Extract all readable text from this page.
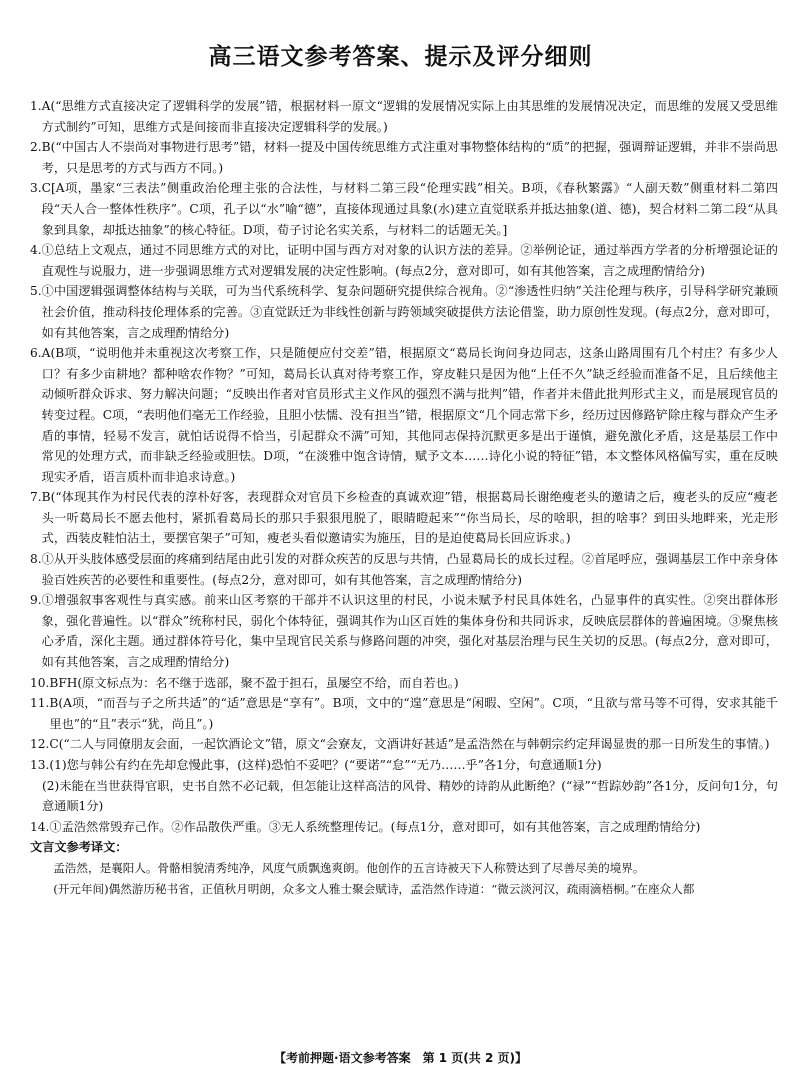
高三语文参考答案、提示及评分细则
1. A(“思维方式直接决定了逻辑科学的发展”错，根据材料一原文“逻辑的发展情况实际上由其思维的发展情况决定，而思维的发展又受思维方式制约”可知，思维方式是间接而非直接决定逻辑科学的发展。)
2. B(“中国古人不崇尚对事物进行思考”错，材料一提及中国传统思维方式注重对事物整体结构的“质”的把握，强调辩证逻辑，并非不崇尚思考，只是思考的方式与西方不同。)
3. C[A项，墨家“三表法”侧重政治伦理主张的合法性，与材料二第三段“伦理实践”相关。B项，《春秋繁露》“人副天数”侧重材料二第四段“天人合一整体性秩序”。C项，孔子以“水”喻“德”，直接体现通过具象(水)建立直觉联系并抵达抽象(道、德)，契合材料二第二段“从具象到具象，却抵达抽象”的核心特征。D项，荀子讨论名实关系，与材料二的话题无关。]
4. ①总结上文观点，通过不同思维方式的对比，证明中国与西方对对象的认识方法的差异。②举例论证，通过举西方学者的分析增强论证的直观性与说服力，进一步强调思维方式对逻辑发展的决定性影响。(每点2分，意对即可，如有其他答案，言之成理酌情给分)
5. ①中国逻辑强调整体结构与关联，可为当代系统科学、复杂问题研究提供综合视角。②“渗透性归纳”关注伦理与秩序，引导科学研究兼顾社会价值，推动科技伦理体系的完善。③直觉跃迁为非线性创新与跨领域突破提供方法论借鉴，助力原创性发现。(每点2分，意对即可，如有其他答案，言之成理酌情给分)
6. A(B项，“说明他并未重视这次考察工作，只是随便应付交差”错，根据原文“葛局长询问身边同志，这条山路周围有几个村庄？有多少人口？有多少亩耕地？都种啥农作物？”可知，葛局长认真对待考察工作，穿皮鞋只是因为他“上任不久”缺乏经验而准备不足，且后续他主动倾听群众诉求、努力解决问题；“反映出作者对官员形式主义作风的强烈不满与批判”错，作者并未借此批判形式主义，而是展现官员的转变过程。C项，“表明他们毫无工作经验，且胆小怯懦、没有担当”错，根据原文“几个同志常下乡，经历过因修路铲除庄稼与群众产生矛盾的事情，轻易不发言，就怕话说得不恰当，引起群众不满”可知，其他同志保持沉默更多是出于谨慎，避免激化矛盾，这是基层工作中常见的处理方式，而非缺乏经验或胆怯。D项，“在淡雅中饱含诗情，赋予文本……诗化小说的特征”错，本文整体风格偏写实，重在反映现实矛盾，语言质朴而非追求诗意。)
7. B(“体现其作为村民代表的淳朴好客，表现群众对官员下乡检查的真诚欢迎”错，根据葛局长谢绝瘦老头的邀请之后，瘦老头的反应“瘦老头一听葛局长不愿去他村，紧抓看葛局长的那只手狠狠甩脱了，眼睛瞪起来”“你当局长，尽的啥职，担的啥事？到田头地畔来，光走形式，西装皮鞋怕沾土，要摆官架子”可知，瘦老头看似邀请实为施压，目的是迫使葛局长回应诉求。)
8. ①从开头肢体感受层面的疼痛到结尾由此引发的对群众疾苦的反思与共情，凸显葛局长的成长过程。②首尾呼应，强调基层工作中亲身体验百姓疾苦的必要性和重要性。(每点2分，意对即可，如有其他答案，言之成理酌情给分)
9. ①增强叙事客观性与真实感。前来山区考察的干部并不认识这里的村民，小说未赋予村民具体姓名，凸显事件的真实性。②突出群体形象，强化普遍性。以“群众”统称村民，弱化个体特征，强调其作为山区百姓的集体身份和共同诉求，反映底层群体的普遍困境。③聚焦核心矛盾，深化主题。通过群体符号化，集中呈现官民关系与修路问题的冲突，强化对基层治理与民生关切的反思。(每点2分，意对即可，如有其他答案，言之成理酌情给分)
10. BFH(原文标点为：名不继于选部，聚不盈于担石，虽屡空不给，而自若也。)
11. B(A项，“而吾与子之所共适”的“适”意思是“享有”。B项，文中的“遑”意思是“闲暇、空闲”。C项，“且欲与常马等不可得，安求其能千里也”的“且”表示“犹，尚且”。)
12. C(“二人与同僚朋友会面，一起饮酒论文”错，原文“会寮友，文酒讲好甚适”是孟浩然在与韩朝宗约定拜谒显贵的那一日所发生的事情。)
13. (1)您与韩公有约在先却怠慢此事，(这样)恐怕不妥吧？(“要诺”“怠”“无乃……乎”各1分，句意通顺1分)
(2)未能在当世获得官职，史书自然不必记载，但怎能让这样高洁的风骨、精妙的诗韵从此断绝？(“禄”“哲踪妙韵”各1分，反问句1分，句意通顺1分)
14. ①孟浩然常毁弃己作。②作品散佚严重。③无人系统整理传记。(每点1分，意对即可，如有其他答案，言之成理酌情给分)
文言文参考译文：
孟浩然，是襄阳人。骨骼相貌清秀纯净，风度气质飘逸爽朗。他创作的五言诗被天下人称赞达到了尽善尽美的境界。
(开元年间)偶然游历秘书省，正值秋月明朗，众多文人雅士聚会赋诗，孟浩然作诗道：“微云淡河汉，疏雨滴梧桐。”在座众人都
【考前押题·语文参考答案　第 1 页(共 2 页)】
